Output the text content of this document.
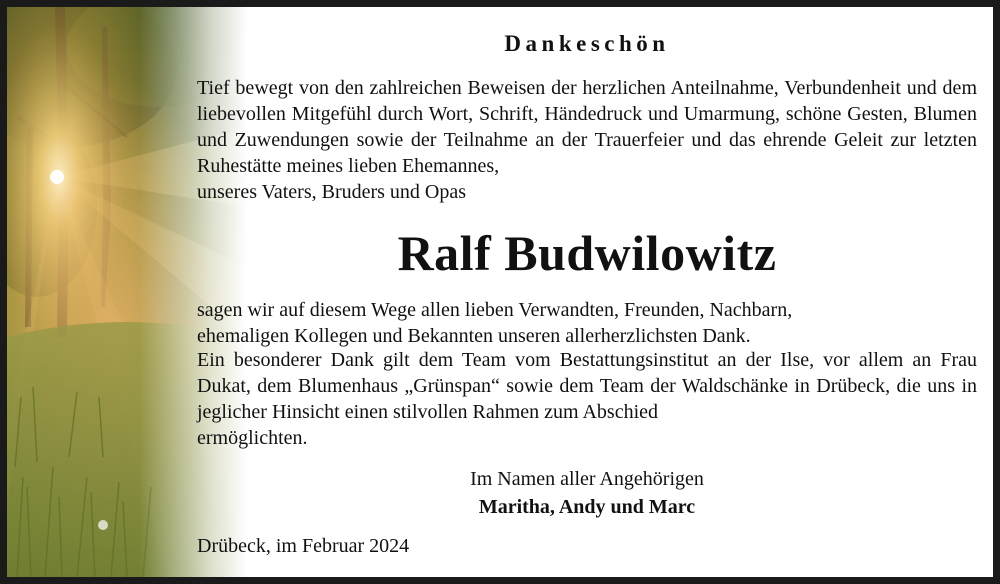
Dankeschön

Tief bewegt von den zahlreichen Beweisen der herzlichen Anteilnahme, Verbundenheit und dem liebevollen Mitgefühl durch Wort, Schrift, Händedruck und Umarmung, schöne Gesten, Blumen und Zuwendungen sowie der Teilnahme an der Trauerfeier und das ehrende Geleit zur letzten Ruhestätte meines lieben Ehemannes,
unseres Vaters, Bruders und Opas

Ralf Budwilowitz

sagen wir auf diesem Wege allen lieben Verwandten, Freunden, Nachbarn,
ehemaligen Kollegen und Bekannten unseren allerherzlichsten Dank.

Ein besonderer Dank gilt dem Team vom Bestattungsinstitut an der Ilse, vor allem an Frau Dukat, dem Blumenhaus „Grünspan“ sowie dem Team der Waldschänke in Drübeck, die uns in jeglicher Hinsicht einen stilvollen Rahmen zum Abschied
ermöglichten.

Im Namen aller Angehörigen
Maritha, Andy und Marc
Drübeck, im Februar 2024
